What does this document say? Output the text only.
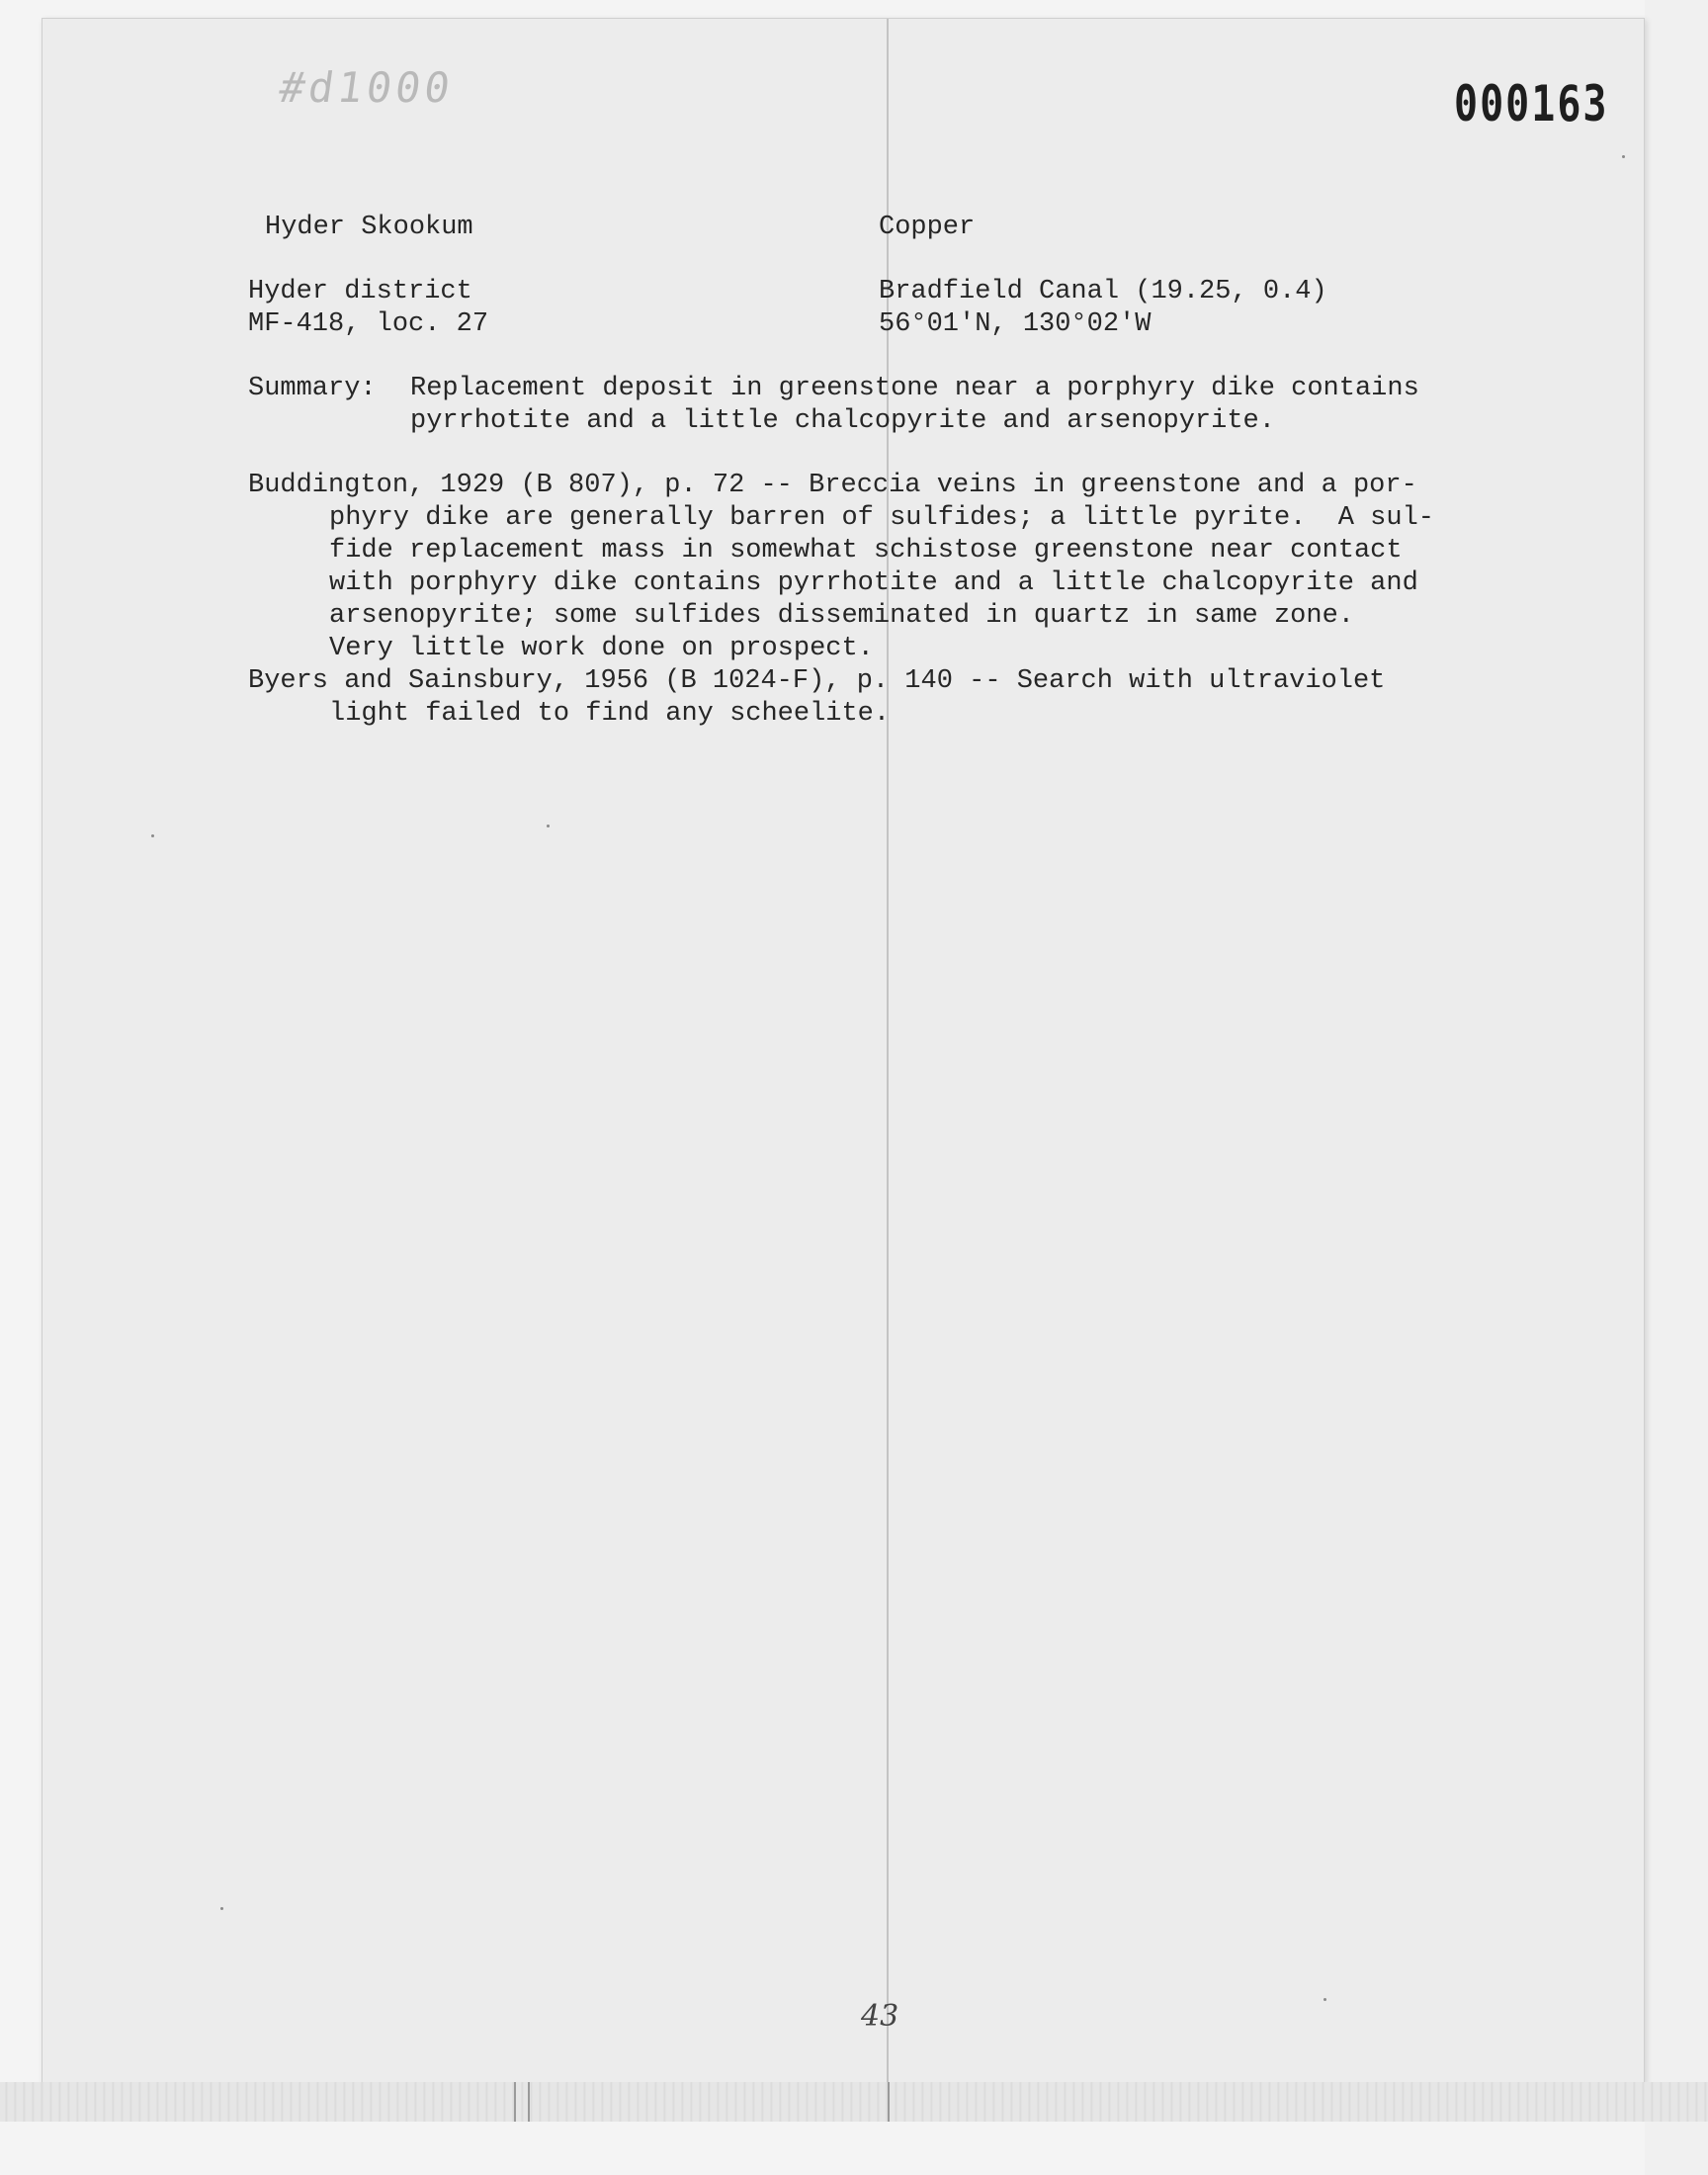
#d1000	000163
Hyder Skookum	Copper
Hyder district	Bradfield Canal (19.25, 0.4)
MF-418, loc. 27	56°01'N, 130°02'W
Summary: Replacement deposit in greenstone near a porphyry dike contains
pyrrhotite and a little chalcopyrite and arsenopyrite.
Buddington, 1929 (B 807), p. 72 -- Breccia veins in greenstone and a por-
phyry dike are generally barren of sulfides; a little pyrite.  A sul-
fide replacement mass in somewhat schistose greenstone near contact
with porphyry dike contains pyrrhotite and a little chalcopyrite and
arsenopyrite; some sulfides disseminated in quartz in same zone.
Very little work done on prospect.
Byers and Sainsbury, 1956 (B 1024-F), p. 140 -- Search with ultraviolet
light failed to find any scheelite.
43
